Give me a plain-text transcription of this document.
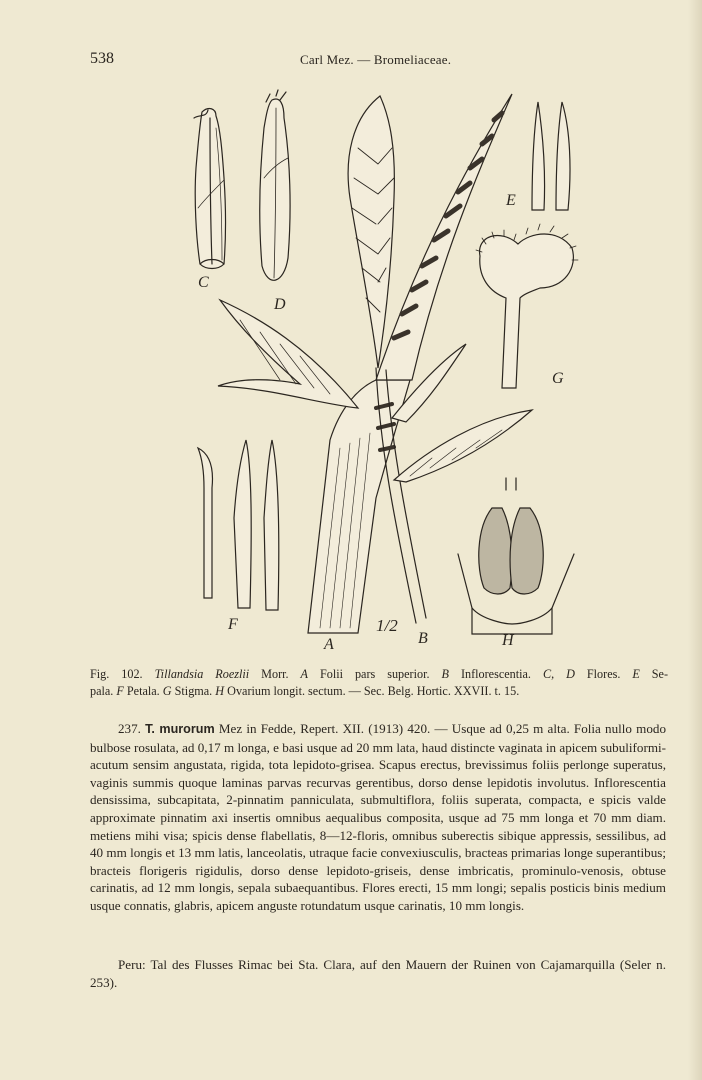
538	Carl Mez. — Bromeliaceae.
C
D
E
G
F
A
1/2
B	H
Fig. 102. Tillandsia Roezlii Morr. A Folii pars superior. B Inflorescentia. C, D Flores. E Se-
pala. F Petala. G Stigma. H Ovarium longit. sectum. — Sec. Belg. Hortic. XXVII. t. 15.

237. T. murorum Mez in Fedde, Repert. XII. (1913) 420. — Usque ad 0,25 m alta. Folia nullo modo bulbose rosulata, ad 0,17 m longa, e basi usque ad 20 mm lata, haud distincte vaginata in apicem subuliformi-acutum sensim angustata, rigida, tota lepidoto-grisea. Scapus erectus, brevissimus foliis perlonge superatus, vaginis summis quoque laminas parvas recurvas gerentibus, dorso dense lepidotis involutus. Inflorescentia densissima, subcapitata, 2-pinnatim panniculata, submultiflora, foliis superata, compacta, e spicis valde approximate pinnatim axi insertis omnibus aequalibus composita, usque ad 75 mm longa et 70 mm diam. metiens mihi visa; spicis dense flabellatis, 8—12-floris, omnibus suberectis sibique appressis, sessilibus, ad 40 mm longis et 13 mm latis, lanceolatis, utraque facie convexiusculis, bracteas primarias longe superantibus; bracteis florigeris rigidulis, dorso dense lepidoto-griseis, dense imbricatis, prominulo-venosis, obtuse carinatis, ad 12 mm longis, sepala subaequantibus. Flores erecti, 15 mm longi; sepalis posticis binis medium usque connatis, glabris, apicem anguste rotundatum usque carinatis, 10 mm longis.

Peru: Tal des Flusses Rimac bei Sta. Clara, auf den Mauern der Ruinen von Cajamarquilla (Seler n. 253).
